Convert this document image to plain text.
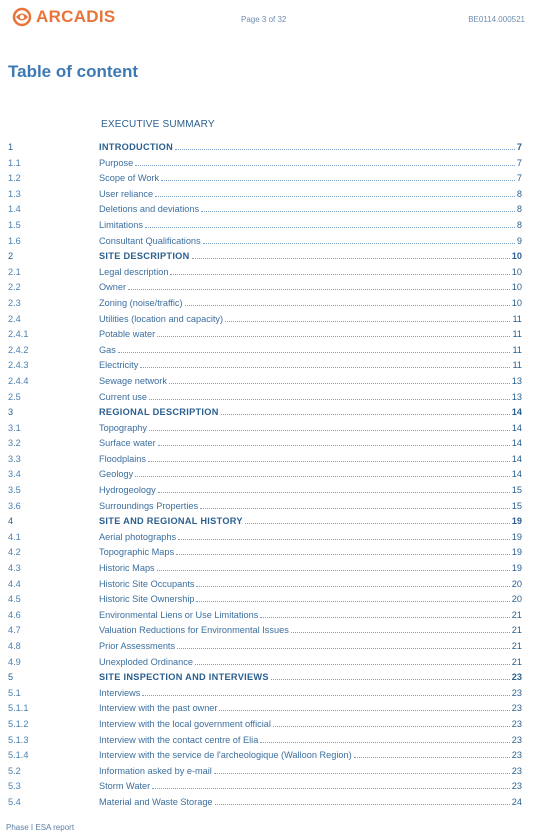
ARCADIS	Page 3 of 32	BE0114.000521
Table of content
EXECUTIVE SUMMARY
1	INTRODUCTION	7
1.1	Purpose	7
1.2	Scope of Work	7
1.3	User reliance	8
1.4	Deletions and deviations	8
1.5	Limitations	8
1.6	Consultant Qualifications	9
2	SITE DESCRIPTION	10
2.1	Legal description	10
2.2	Owner	10
2.3	Zoning (noise/traffic)	10
2.4	Utilities (location and capacity)	11
2.4.1	Potable water	11
2.4.2	Gas	11
2.4.3	Electricity	11
2.4.4	Sewage network	13
2.5	Current use	13
3	REGIONAL DESCRIPTION	14
3.1	Topography	14
3.2	Surface water	14
3.3	Floodplains	14
3.4	Geology	14
3.5	Hydrogeology	15
3.6	Surroundings Properties	15
4	SITE AND REGIONAL HISTORY	19
4.1	Aerial photographs	19
4.2	Topographic Maps	19
4.3	Historic Maps	19
4.4	Historic Site Occupants	20
4.5	Historic Site Ownership	20
4.6	Environmental Liens or Use Limitations	21
4.7	Valuation Reductions for Environmental Issues	21
4.8	Prior Assessments	21
4.9	Unexploded Ordinance	21
5	SITE INSPECTION AND INTERVIEWS	23
5.1	Interviews	23
5.1.1	Interview with the past owner	23
5.1.2	Interview with the local government official	23
5.1.3	Interview with the contact centre of Elia	23
5.1.4	Interview with the service de l'archeologique (Walloon Region)	23
5.2	Information asked by e-mail	23
5.3	Storm Water	23
5.4	Material and Waste Storage	24
Phase I ESA report
